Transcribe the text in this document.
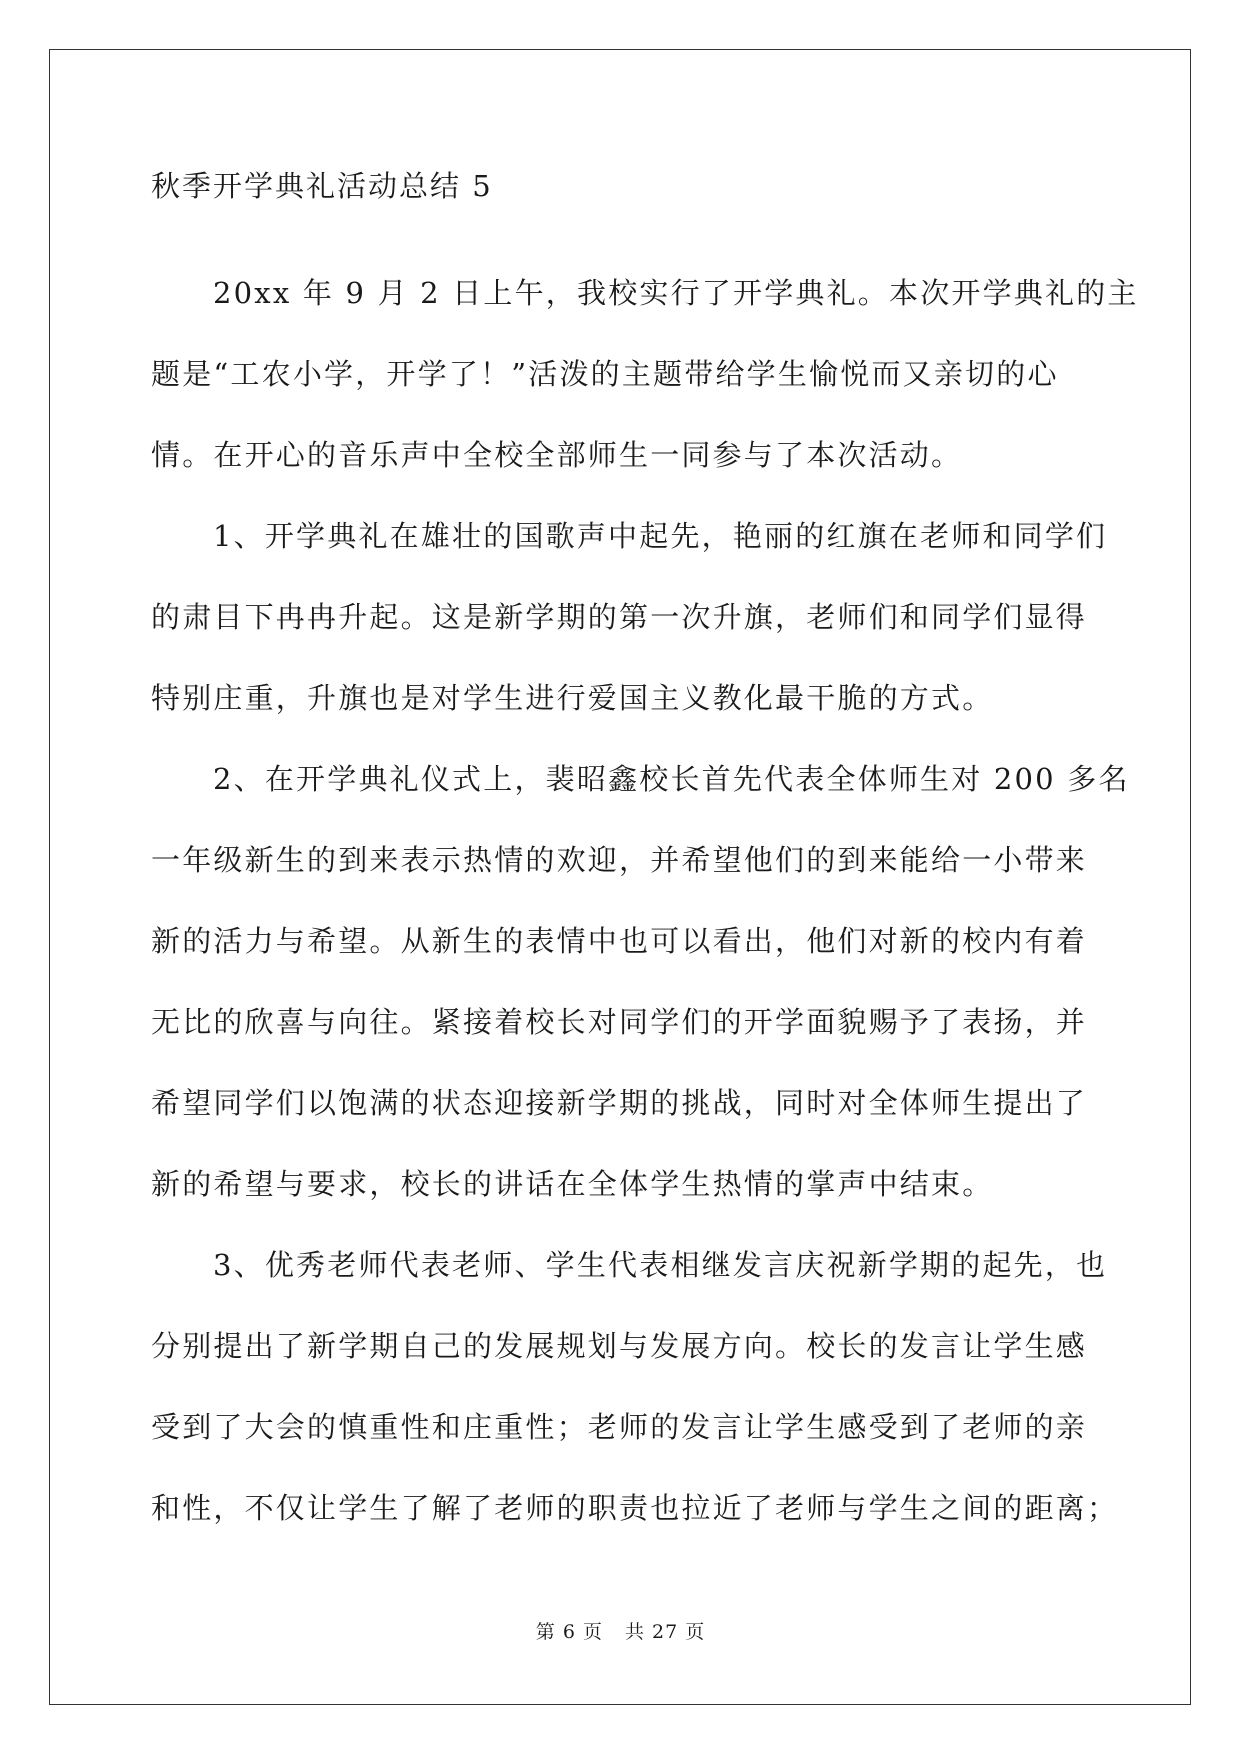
秋季开学典礼活动总结 5

20xx 年 9 月 2 日上午，我校实行了开学典礼。本次开学典礼的主
题是“工农小学，开学了！”活泼的主题带给学生愉悦而又亲切的心
情。在开心的音乐声中全校全部师生一同参与了本次活动。

1、开学典礼在雄壮的国歌声中起先，艳丽的红旗在老师和同学们
的肃目下冉冉升起。这是新学期的第一次升旗，老师们和同学们显得
特别庄重，升旗也是对学生进行爱国主义教化最干脆的方式。

2、在开学典礼仪式上，裴昭鑫校长首先代表全体师生对 200 多名
一年级新生的到来表示热情的欢迎，并希望他们的到来能给一小带来
新的活力与希望。从新生的表情中也可以看出，他们对新的校内有着
无比的欣喜与向往。紧接着校长对同学们的开学面貌赐予了表扬，并
希望同学们以饱满的状态迎接新学期的挑战，同时对全体师生提出了
新的希望与要求，校长的讲话在全体学生热情的掌声中结束。

3、优秀老师代表老师、学生代表相继发言庆祝新学期的起先，也
分别提出了新学期自己的发展规划与发展方向。校长的发言让学生感
受到了大会的慎重性和庄重性；老师的发言让学生感受到了老师的亲
和性，不仅让学生了解了老师的职责也拉近了老师与学生之间的距离；

第 6 页 共 27 页
